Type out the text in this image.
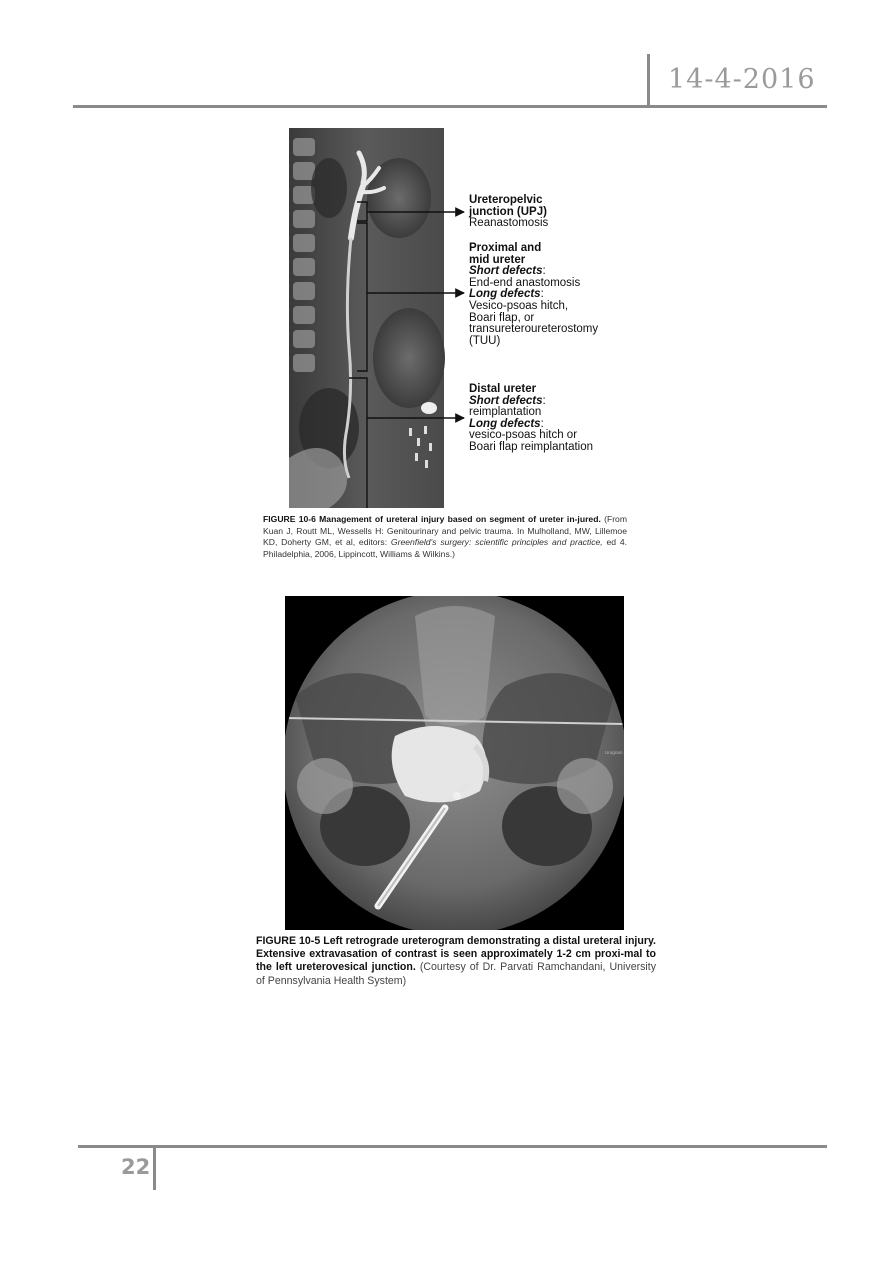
14-4-2016
Ureteropelvic
junction (UPJ)
Reanastomosis
Proximal and
mid ureter
Short defects:
End-end anastomosis
Long defects:
Vesico-psoas hitch,
Boari flap, or
transureteroureterostomy
(TUU)
Distal ureter
Short defects:
reimplantation
Long defects:
vesico-psoas hitch or
Boari flap reimplantation
FIGURE 10-6 Management of ureteral injury based on segment of ureter in-jured. (From Kuan J, Routt ML, Wessells H: Genitourinary and pelvic trauma. In Mulholland, MW, Lillemoe KD, Doherty GM, et al, editors: Greenfield's surgery: scientific principles and practice, ed 4. Philadelphia, 2006, Lippincott, Williams & Wilkins.)
Urogram
FIGURE 10-5 Left retrograde ureterogram demonstrating a distal ureteral injury. Extensive extravasation of contrast is seen approximately 1-2 cm proxi-mal to the left ureterovesical junction. (Courtesy of Dr. Parvati Ramchandani, University of Pennsylvania Health System)
22
